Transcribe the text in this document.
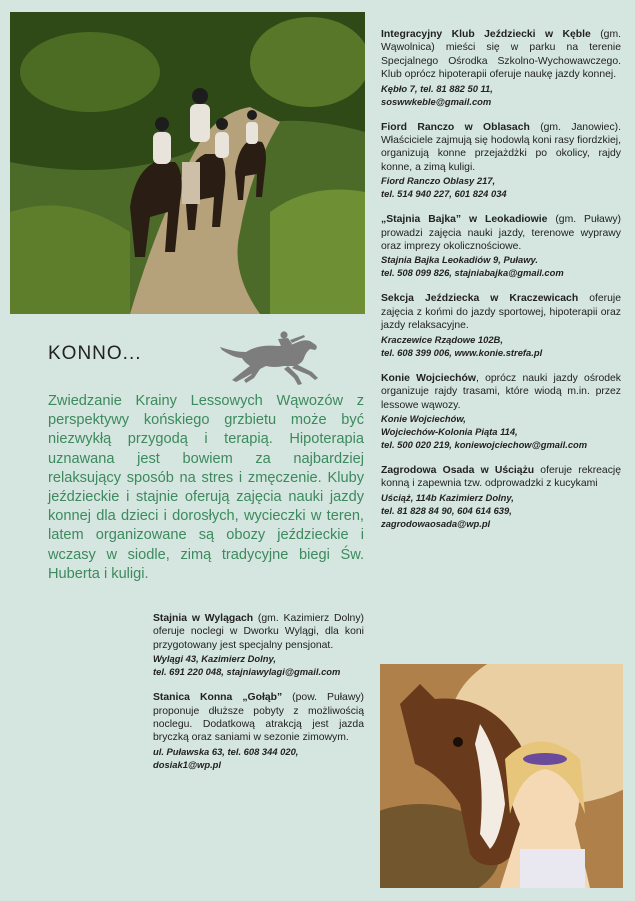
KONNO...
Zwiedzanie Krainy Lessowych Wąwozów z perspektywy końskiego grzbietu może być niezwykłą przygodą i terapią. Hipoterapia uznawana jest bowiem za najbardziej relaksujący sposób na stres i zmęczenie. Kluby jeździeckie i stajnie oferują zajęcia nauki jazdy konnej dla dzieci i dorosłych, wycieczki w teren, latem organizowane są obozy jeździeckie i wczasy w siodle, zimą tradycyjne biegi Św. Huberta i kuligi.
Stajnia w Wylągach (gm. Kazimierz Dolny) oferuje noclegi w Dworku Wylągi, dla koni przygotowany jest specjalny pensjonat.
Wylągi 43, Kazimierz Dolny,
tel. 691 220 048, stajniawylagi@gmail.com
Stanica Konna „Gołąb” (pow. Puławy) proponuje dłuższe pobyty z możliwością noclegu. Dodatkową atrakcją jest jazda bryczką oraz saniami w sezonie zimowym.
ul. Puławska 63, tel. 608 344 020,
dosiak1@wp.pl
Integracyjny Klub Jeździecki w Kęble (gm. Wąwolnica) mieści się w parku na terenie Specjalnego Ośrodka Szkolno-Wychowawczego. Klub oprócz hipoterapii oferuje naukę jazdy konnej.
Kębło 7, tel. 81 882 50 11,
soswwkeble@gmail.com
Fiord Ranczo w Oblasach (gm. Janowiec). Właściciele zajmują się hodowlą koni rasy fiordzkiej, organizują konne przejażdżki po okolicy, rajdy konne, a zimą kuligi.
Fiord Ranczo Oblasy 217,
tel. 514 940 227, 601 824 034
„Stajnia Bajka” w Leokadiowie (gm. Puławy) prowadzi zajęcia nauki jazdy, terenowe wyprawy oraz imprezy okolicznościowe.
Stajnia Bajka Leokadiów 9, Puławy.
tel. 508 099 826, stajniabajka@gmail.com
Sekcja Jeździecka w Kraczewicach oferuje zajęcia z końmi do jazdy sportowej, hipoterapii oraz jazdy relaksacyjne.
Kraczewice Rządowe 102B,
tel. 608 399 006, www.konie.strefa.pl
Konie Wojciechów, oprócz nauki jazdy ośrodek organizuje rajdy trasami, które wiodą m.in. przez lessowe wąwozy.
Konie Wojciechów,
Wojciechów-Kolonia Piąta 114,
tel. 500 020 219, koniewojciechow@gmail.com
Zagrodowa Osada w Uściążu oferuje rekreację konną i zapewnia tzw. odprowadzki z kucykami
Uściąż, 114b Kazimierz Dolny,
tel. 81 828 84 90, 604 614 639,
zagrodowaosada@wp.pl
